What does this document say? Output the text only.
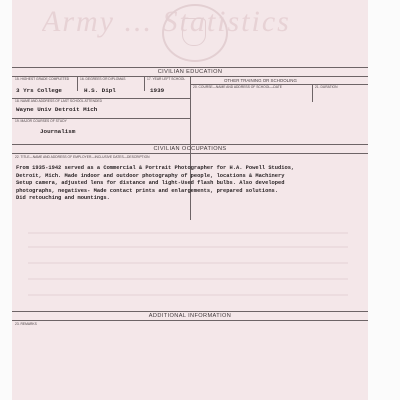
Army ... Statistics
CIVILIAN EDUCATION
15. HIGHEST GRADE COMPLETED	16. DEGREES OR DIPLOMAS	17. YEAR LEFT SCHOOL
3 Yrs College	H.S. Dipl	1939
OTHER TRAINING OR SCHOOLING
20. COURSE—NAME AND ADDRESS OF SCHOOL—DATE	21. DURATION
18. NAME AND ADDRESS OF LAST SCHOOL ATTENDED
Wayne Univ Detroit Mich
19. MAJOR COURSES OF STUDY
Journalism
CIVILIAN OCCUPATIONS
22. TITLE—NAME AND ADDRESS OF EMPLOYER—INCLUSIVE DATES—DESCRIPTION
From 1935-1942 served as a Commercial & Portrait Photographer for H.A. Powell Studios,
Detroit, Mich. Made indoor and outdoor photography of people, locations & Machinery
Setup camera, adjusted lens for distance and light-Used flash bulbs. Also developed
photographs, negatives- Made contact prints and enlargements, prepared solutions.
Did retouching and mountings.
ADDITIONAL INFORMATION
23. REMARKS
